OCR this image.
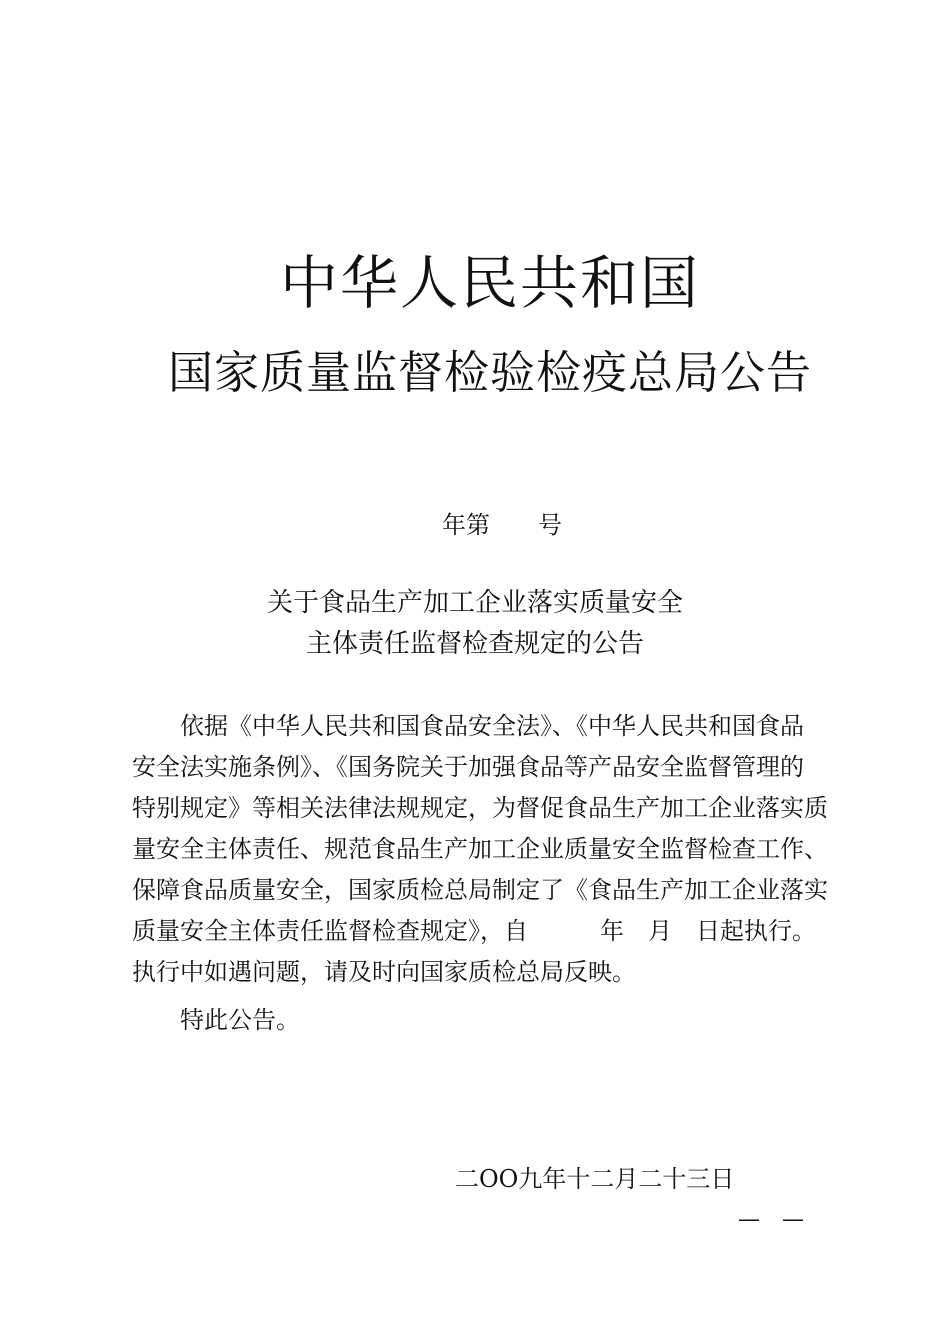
中华人民共和国
国家质量监督检验检疫总局公告
年第　　号
关于食品生产加工企业落实质量安全
主体责任监督检查规定的公告
　　依据《中华人民共和国食品安全法》、《中华人民共和国食品
安全法实施条例》、《国务院关于加强食品等产品安全监督管理的
特别规定》等相关法律法规规定，为督促食品生产加工企业落实质
量安全主体责任、规范食品生产加工企业质量安全监督检查工作、
保障食品质量安全，国家质检总局制定了《食品生产加工企业落实
质量安全主体责任监督检查规定》，自　　　年　月　日起执行。
执行中如遇问题，请及时向国家质检总局反映。
特此公告。
二OO九年十二月二十三日
—　—
